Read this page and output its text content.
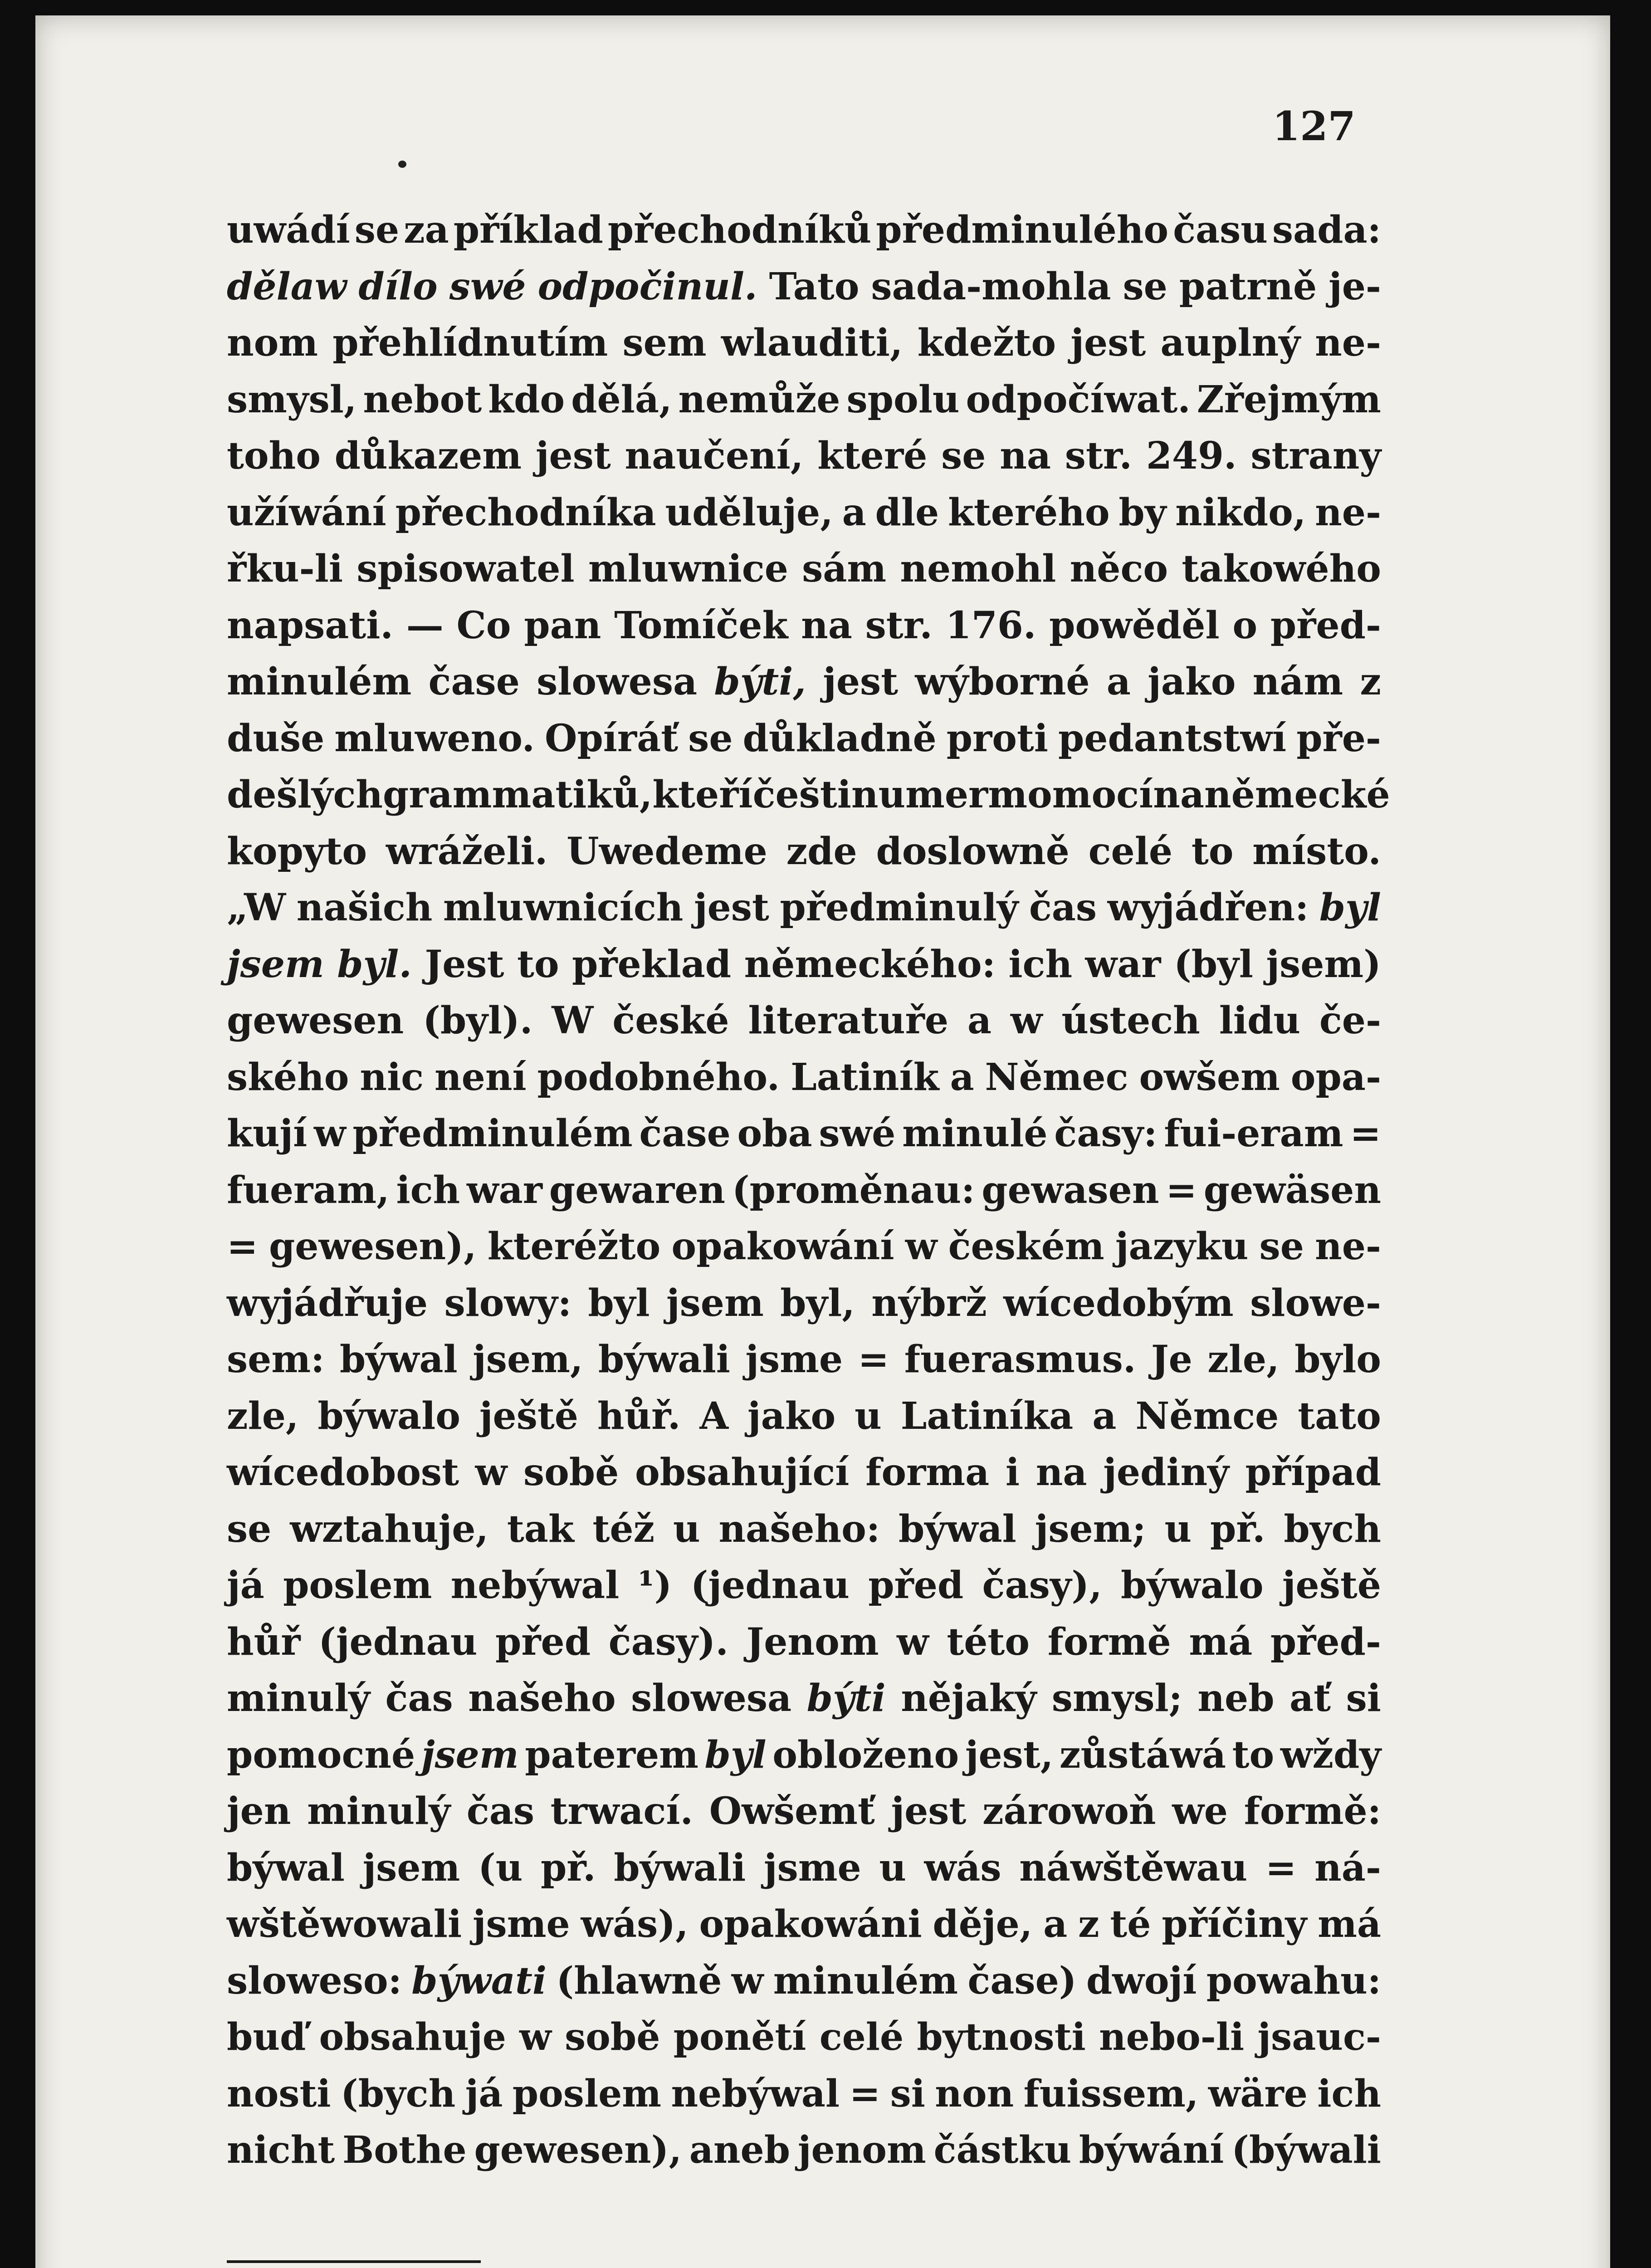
127
uwádí se za příklad přechodníků předminulého času sada:
dělaw dílo swé odpočinul. Tato sada-mohla se patrně je-
nom přehlídnutím sem wlauditi, kdežto jest auplný ne-
smysl, nebot kdo dělá, nemůže spolu odpočíwat. Zřejmým
toho důkazem jest naučení, které se na str. 249. strany
užíwání přechodníka uděluje, a dle kterého by nikdo, ne-
řku-li spisowatel mluwnice sám nemohl něco takowého
napsati. — Co pan Tomíček na str. 176. powěděl o před-
minulém čase slowesa býti, jest wýborné a jako nám z
duše mluweno. Opíráť se důkladně proti pedantstwí pře-
dešlých grammatiků, kteří češtinu mermomocí na německé
kopyto wráželi. Uwedeme zde doslowně celé to místo.
„W našich mluwnicích jest předminulý čas wyjádřen: byl
jsem byl. Jest to překlad německého: ich war (byl jsem)
gewesen (byl). W české literatuře a w ústech lidu če-
ského nic není podobného. Latiník a Němec owšem opa-
kují w předminulém čase oba swé minulé časy: fui-eram =
fueram, ich war gewaren (proměnau: gewasen = gewäsen
= gewesen), kteréžto opakowání w českém jazyku se ne-
wyjádřuje slowy: byl jsem byl, nýbrž wícedobým slowe-
sem: býwal jsem, býwali jsme = fuerasmus. Je zle, bylo
zle, býwalo ještě hůř. A jako u Latiníka a Němce tato
wícedobost w sobě obsahující forma i na jediný případ
se wztahuje, tak též u našeho: býwal jsem; u př. bych
já poslem nebýwal ¹) (jednau před časy), býwalo ještě
hůř (jednau před časy). Jenom w této formě má před-
minulý čas našeho slowesa býti nějaký smysl; neb ať si
pomocné jsem paterem byl obloženo jest, zůstáwá to wždy
jen minulý čas trwací. Owšemť jest zárowoň we formě:
býwal jsem (u př. býwali jsme u wás náwštěwau = ná-
wštěwowali jsme wás), opakowáni děje, a z té příčiny má
sloweso: býwati (hlawně w minulém čase) dwojí powahu:
buď obsahuje w sobě ponětí celé bytnosti nebo-li jsauc-
nosti (bych já poslem nebýwal = si non fuissem, wäre ich
nicht Bothe gewesen), aneb jenom částku býwání (býwali
